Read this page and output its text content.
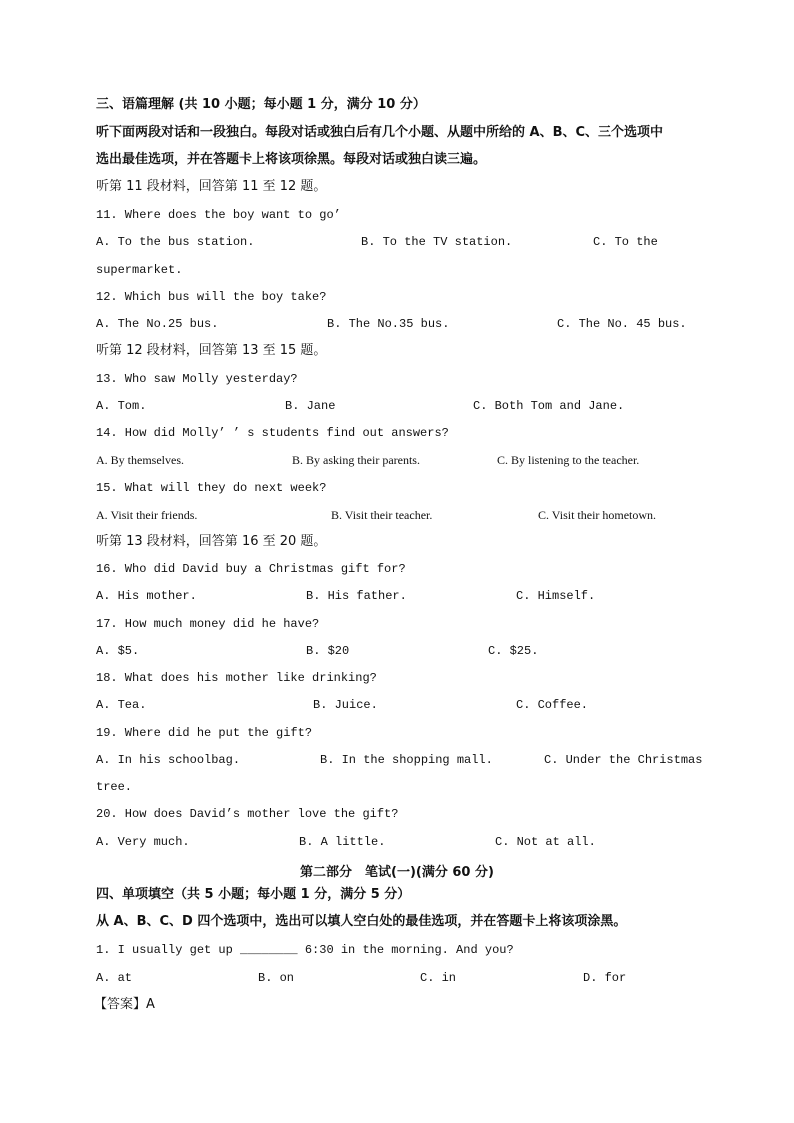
三、语篇理解 (共 10 小题；每小题 1 分，满分 10 分）
听下面两段对话和一段独白。每段对话或独白后有几个小题、从题中所给的 A、B、C、三个选项中
选出最佳选项，并在答题卡上将该项徐黑。每段对话或独白读三遍。
听第 11 段材料，回答第 11 至 12 题。
11. Where does the boy want to go’
A. To the bus station.	B. To the TV station.	C. To the
supermarket.
12. Which bus will the boy take?
A. The No.25 bus.	B. The No.35 bus.	C. The No. 45 bus.
听第 12 段材料，回答第 13 至 15 题。
13. Who saw Molly yesterday?
A. Tom.	B. Jane	C. Both Tom and Jane.
14. How did Molly’ ’ s students find out answers?
A. By themselves.	B. By asking their parents.	C. By listening to the teacher.
15. What will they do next week?
A. Visit their friends.	B. Visit their teacher.	C. Visit their hometown.
听第 13 段材料，回答第 16 至 20 题。
16. Who did David buy a Christmas gift for?
A. His mother.	B. His father.	C. Himself.
17. How much money did he have?
A. $5.	B. $20	C. $25.
18. What does his mother like drinking?
A. Tea.	B. Juice.	C. Coffee.
19. Where did he put the gift?
A. In his schoolbag.	B. In the shopping mall.	C. Under the Christmas
tree.
20. How does David’s mother love the gift?
A. Very much.	B. A little.	C. Not at all.
第二部分　笔试(一)(满分 60 分)
四、单项填空（共 5 小题；每小题 1 分，满分 5 分）
从 A、B、C、D 四个选项中，选出可以填人空白处的最佳选项，并在答题卡上将该项涂黑。
1. I usually get up ________ 6:30 in the morning. And you?
A. at	B. on	C. in	D. for
【答案】A
